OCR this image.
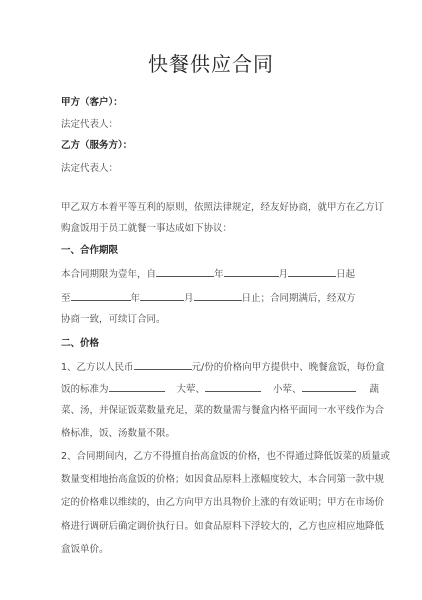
快餐供应合同
甲方（客户）：
法定代表人：
乙方（服务方）：
法定代表人：
甲乙双方本着平等互利的原则，依照法律规定，经友好协商，就甲方在乙方订
购盒饭用于员工就餐一事达成如下协议：
一、合作期限
本合同期限为壹年，自	年	月	日起
至	年	月	日止；合同期满后，经双方
协商一致，可续订合同。
二、价格
1、乙方以人民币	元/份的价格向甲方提供中、晚餐盒饭，每份盒
饭的标准为	大荤、	小荤、	蔬
菜、汤，并保证饭菜数量充足，菜的数量需与餐盒内格平面同一水平线作为合
格标准，饭、汤数量不限。
2、合同期间内，乙方不得擅自抬高盒饭的价格，也不得通过降低饭菜的质量或
数量变相地抬高盒饭的价格；如因食品原料上涨幅度较大，本合同第一款中规
定的价格难以维续的，由乙方向甲方出具物价上涨的有效证明；甲方在市场价
格进行调研后确定调价执行日。如食品原料下浮较大的，乙方也应相应地降低
盒饭单价。
